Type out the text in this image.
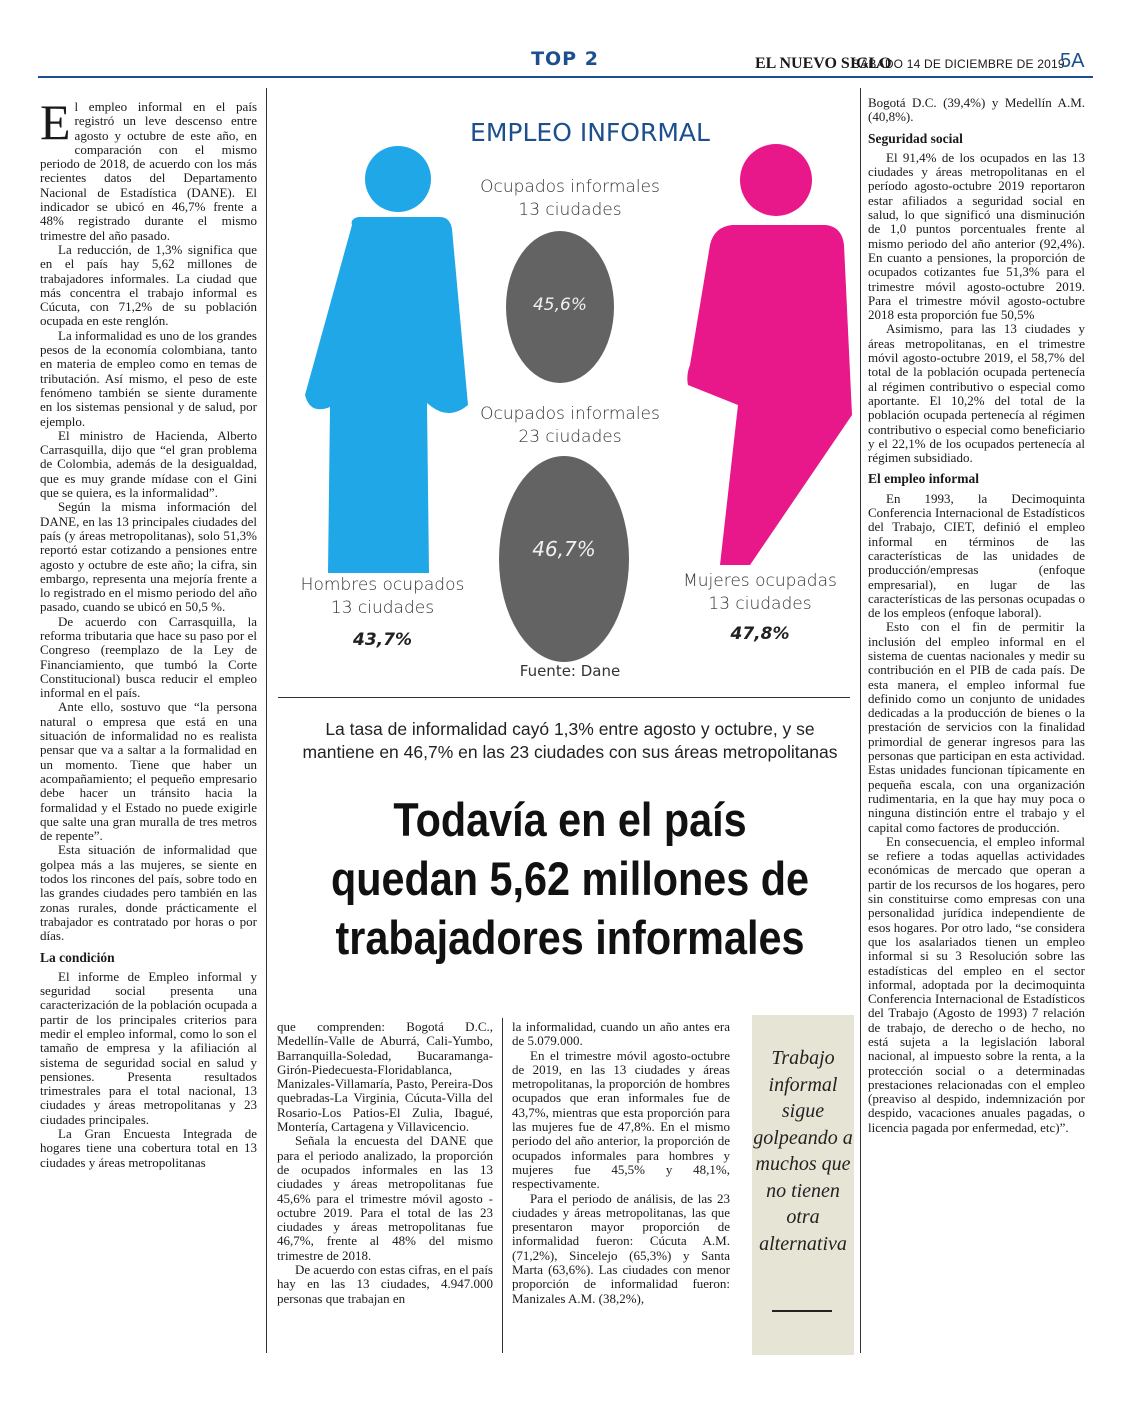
TOP 2	EL NUEVO SIGLO
SÁBADO 14 DE DICIEMBRE DE 2019
5A

El empleo informal en el país registró un leve descenso entre agosto y octubre de este año, en comparación con el mismo periodo de 2018, de acuerdo con los más recientes datos del Departamento Nacional de Estadística (DANE). El indicador se ubicó en 46,7% frente a 48% registrado durante el mismo trimestre del año pasado.

La reducción, de 1,3% significa que en el país hay 5,62 millones de trabajadores informales. La ciudad que más concentra el trabajo informal es Cúcuta, con 71,2% de su población ocupada en este renglón.

La informalidad es uno de los grandes pesos de la economía colombiana, tanto en materia de empleo como en temas de tributación. Así mismo, el peso de este fenómeno también se siente duramente en los sistemas pensional y de salud, por ejemplo.

El ministro de Hacienda, Alberto Carrasquilla, dijo que “el gran problema de Colombia, además de la desigualdad, que es muy grande mídase con el Gini que se quiera, es la informalidad”.

Según la misma información del DANE, en las 13 principales ciudades del país (y áreas metropolitanas), solo 51,3% reportó estar cotizando a pensiones entre agosto y octubre de este año; la cifra, sin embargo, representa una mejoría frente a lo registrado en el mismo periodo del año pasado, cuando se ubicó en 50,5 %.

De acuerdo con Carrasquilla, la reforma tributaria que hace su paso por el Congreso (reemplazo de la Ley de Financiamiento, que tumbó la Corte Constitucional) busca reducir el empleo informal en el país.

Ante ello, sostuvo que “la persona natural o empresa que está en una situación de informalidad no es realista pensar que va a saltar a la formalidad en un momento. Tiene que haber un acompañamiento; el pequeño empresario debe hacer un tránsito hacia la formalidad y el Estado no puede exigirle que salte una gran muralla de tres metros de repente”.

Esta situación de informalidad que golpea más a las mujeres, se siente en todos los rincones del país, sobre todo en las grandes ciudades pero también en las zonas rurales, donde prácticamente el trabajador es contratado por horas o por días.

La condición

El informe de Empleo informal y seguridad social presenta una caracterización de la población ocupada a partir de los principales criterios para medir el empleo informal, como lo son el tamaño de empresa y la afiliación al sistema de seguridad social en salud y pensiones. Presenta resultados trimestrales para el total nacional, 13 ciudades y áreas metropolitanas y 23 ciudades principales.

La Gran Encuesta Integrada de hogares tiene una cobertura total en 13 ciudades y áreas metropolitanas

EMPLEO INFORMAL
45,6%
46,7%
Ocupados informales
13 ciudades
Ocupados informales
23 ciudades
Hombres ocupados
13 ciudades
43,7%
Mujeres ocupadas
13 ciudades
47,8%
Fuente: Dane
La tasa de informalidad cayó 1,3% entre agosto y octubre, y se mantiene en 46,7% en las 23 ciudades con sus áreas metropolitanas
Todavía en el país
quedan 5,62 millones de
trabajadores informales

que comprenden: Bogotá D.C., Medellín-Valle de Aburrá, Cali-Yumbo, Barranquilla-Soledad, Bucaramanga-Girón-Piedecuesta-Floridablanca, Manizales-Villamaría, Pasto, Pereira-Dos quebradas-La Virginia, Cúcuta-Villa del Rosario-Los Patios-El Zulia, Ibagué, Montería, Cartagena y Villavicencio.

Señala la encuesta del DANE que para el periodo analizado, la proporción de ocupados informales en las 13 ciudades y áreas metropolitanas fue 45,6% para el trimestre móvil agosto -octubre 2019. Para el total de las 23 ciudades y áreas metropolitanas fue 46,7%, frente al 48% del mismo trimestre de 2018.

De acuerdo con estas cifras, en el país hay en las 13 ciudades, 4.947.000 personas que trabajan en

la informalidad, cuando un año antes era de 5.079.000.

En el trimestre móvil agosto-octubre de 2019, en las 13 ciudades y áreas metropolitanas, la proporción de hombres ocupados que eran informales fue de 43,7%, mientras que esta proporción para las mujeres fue de 47,8%. En el mismo periodo del año anterior, la proporción de ocupados informales para hombres y mujeres fue 45,5% y 48,1%, respectivamente.

Para el periodo de análisis, de las 23 ciudades y áreas metropolitanas, las que presentaron mayor proporción de informalidad fueron: Cúcuta A.M. (71,2%), Sincelejo (65,3%) y Santa Marta (63,6%). Las ciudades con menor proporción de informalidad fueron: Manizales A.M. (38,2%),

Trabajo informal sigue golpeando a muchos que no tienen otra alternativa

Bogotá D.C. (39,4%) y Medellín A.M. (40,8%).

Seguridad social

El 91,4% de los ocupados en las 13 ciudades y áreas metropolitanas en el período agosto-octubre 2019 reportaron estar afiliados a seguridad social en salud, lo que significó una disminución de 1,0 puntos porcentuales frente al mismo periodo del año anterior (92,4%). En cuanto a pensiones, la proporción de ocupados cotizantes fue 51,3% para el trimestre móvil agosto-octubre 2019. Para el trimestre móvil agosto-octubre 2018 esta proporción fue 50,5%

Asimismo, para las 13 ciudades y áreas metropolitanas, en el trimestre móvil agosto-octubre 2019, el 58,7% del total de la población ocupada pertenecía al régimen contributivo o especial como aportante. El 10,2% del total de la población ocupada pertenecía al régimen contributivo o especial como beneficiario y el 22,1% de los ocupados pertenecía al régimen subsidiado.

El empleo informal

En 1993, la Decimoquinta Conferencia Internacional de Estadísticos del Trabajo, CIET, definió el empleo informal en términos de las características de las unidades de producción/empresas (enfoque empresarial), en lugar de las características de las personas ocupadas o de los empleos (enfoque laboral).

Esto con el fin de permitir la inclusión del empleo informal en el sistema de cuentas nacionales y medir su contribución en el PIB de cada país. De esta manera, el empleo informal fue definido como un conjunto de unidades dedicadas a la producción de bienes o la prestación de servicios con la finalidad primordial de generar ingresos para las personas que participan en esta actividad. Estas unidades funcionan típicamente en pequeña escala, con una organización rudimentaria, en la que hay muy poca o ninguna distinción entre el trabajo y el capital como factores de producción.

En consecuencia, el empleo informal se refiere a todas aquellas actividades económicas de mercado que operan a partir de los recursos de los hogares, pero sin constituirse como empresas con una personalidad jurídica independiente de esos hogares. Por otro lado, “se considera que los asalariados tienen un empleo informal si su 3 Resolución sobre las estadísticas del empleo en el sector informal, adoptada por la decimoquinta Conferencia Internacional de Estadísticos del Trabajo (Agosto de 1993) 7 relación de trabajo, de derecho o de hecho, no está sujeta a la legislación laboral nacional, al impuesto sobre la renta, a la protección social o a determinadas prestaciones relacionadas con el empleo (preaviso al despido, indemnización por despido, vacaciones anuales pagadas, o licencia pagada por enfermedad, etc)”.
